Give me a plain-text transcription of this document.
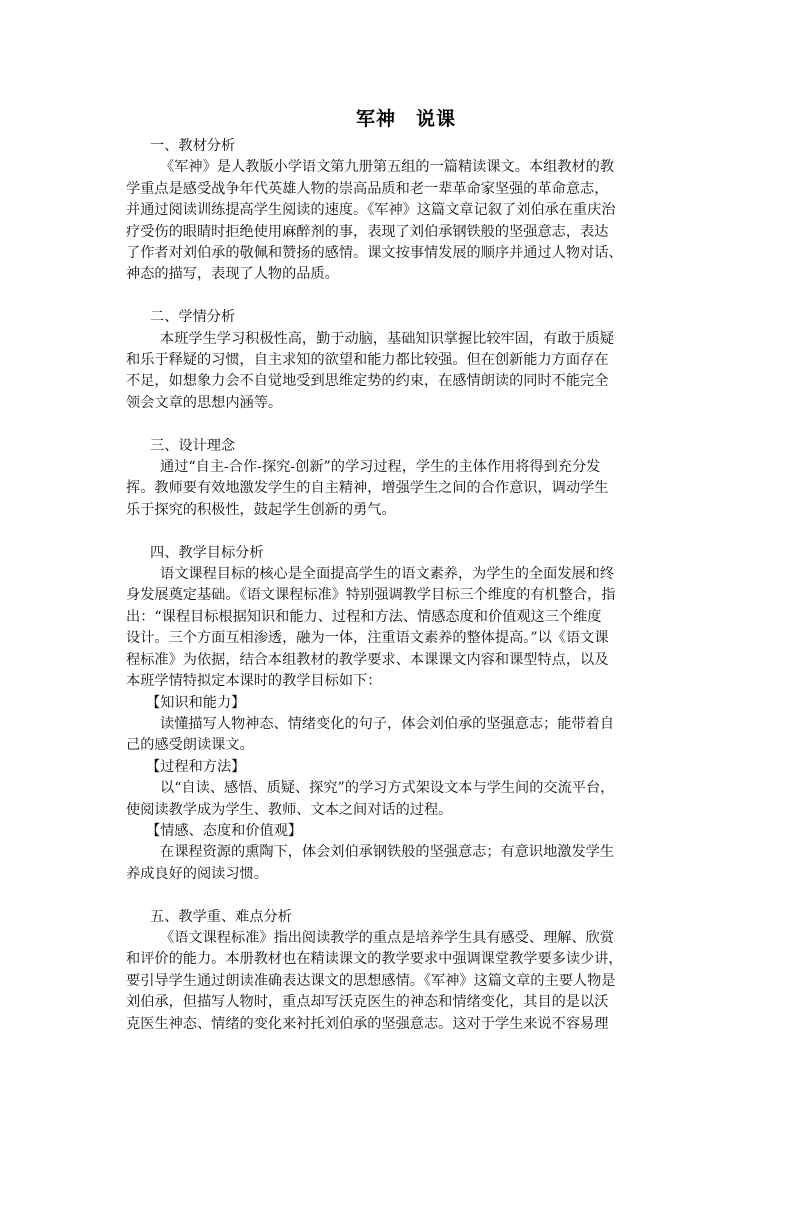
军神　说课
一、教材分析
《军神》是人教版小学语文第九册第五组的一篇精读课文。本组教材的教
学重点是感受战争年代英雄人物的崇高品质和老一辈革命家坚强的革命意志，
并通过阅读训练提高学生阅读的速度。《军神》这篇文章记叙了刘伯承在重庆治
疗受伤的眼睛时拒绝使用麻醉剂的事，表现了刘伯承钢铁般的坚强意志，表达
了作者对刘伯承的敬佩和赞扬的感情。课文按事情发展的顺序并通过人物对话、
神态的描写，表现了人物的品质。
二、学情分析
本班学生学习积极性高，勤于动脑，基础知识掌握比较牢固，有敢于质疑
和乐于释疑的习惯，自主求知的欲望和能力都比较强。但在创新能力方面存在
不足，如想象力会不自觉地受到思维定势的约束，在感情朗读的同时不能完全
领会文章的思想内涵等。
三、设计理念
通过“自主-合作-探究-创新”的学习过程，学生的主体作用将得到充分发
挥。教师要有效地激发学生的自主精神，增强学生之间的合作意识，调动学生
乐于探究的积极性，鼓起学生创新的勇气。
四、教学目标分析
语文课程目标的核心是全面提高学生的语文素养，为学生的全面发展和终
身发展奠定基础。《语文课程标准》特别强调教学目标三个维度的有机整合，指
出：“课程目标根据知识和能力、过程和方法、情感态度和价值观这三个维度
设计。三个方面互相渗透，融为一体，注重语文素养的整体提高。”以《语文课
程标准》为依据，结合本组教材的教学要求、本课课文内容和课型特点，以及
本班学情特拟定本课时的教学目标如下：
【知识和能力】
读懂描写人物神态、情绪变化的句子，体会刘伯承的坚强意志；能带着自
己的感受朗读课文。
【过程和方法】
以“自读、感悟、质疑、探究”的学习方式架设文本与学生间的交流平台，
使阅读教学成为学生、教师、文本之间对话的过程。
【情感、态度和价值观】
在课程资源的熏陶下，体会刘伯承钢铁般的坚强意志；有意识地激发学生
养成良好的阅读习惯。
五、教学重、难点分析
《语文课程标准》指出阅读教学的重点是培养学生具有感受、理解、欣赏
和评价的能力。本册教材也在精读课文的教学要求中强调课堂教学要多读少讲，
要引导学生通过朗读准确表达课文的思想感情。《军神》这篇文章的主要人物是
刘伯承，但描写人物时，重点却写沃克医生的神态和情绪变化，其目的是以沃
克医生神态、情绪的变化来衬托刘伯承的坚强意志。这对于学生来说不容易理
